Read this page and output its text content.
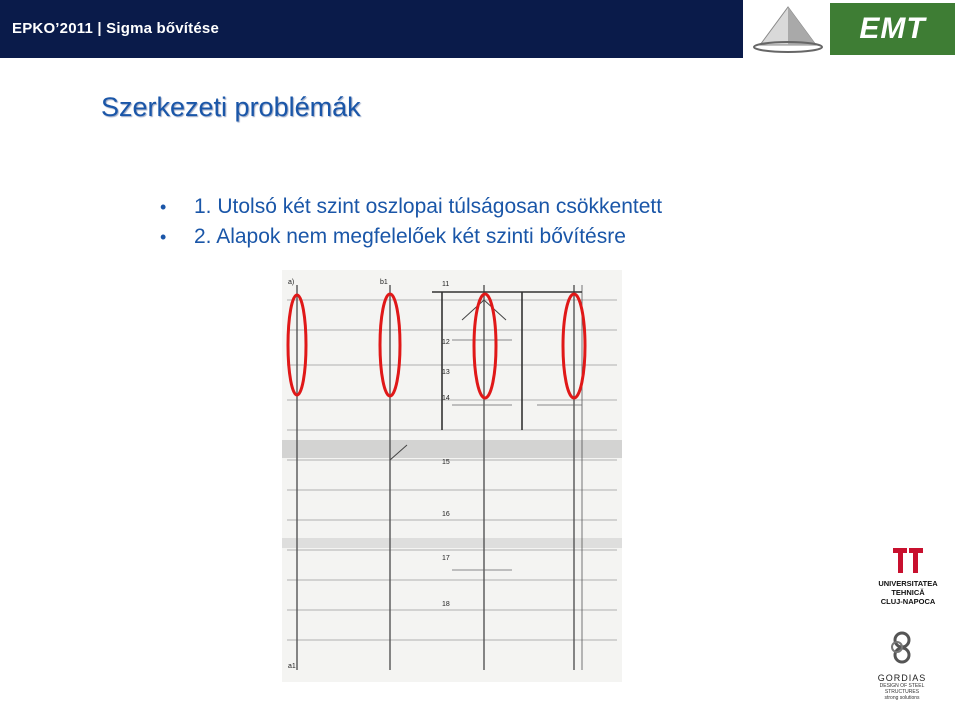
EPKO’2011 | Sigma bővítése	EMT
Szerkezeti problémák
• 1. Utolsó két szint oszlopai túlságosan csökkentett
• 2. Alapok nem megfelelőek két szinti bővítésre
a)
a1
b1	11
12
13
14
15
16
17
18
UNIVERSITATEA
TEHNICĂ
CLUJ-NAPOCA
GORDIAS
DESIGN OF STEEL STRUCTURES
strong solutions
